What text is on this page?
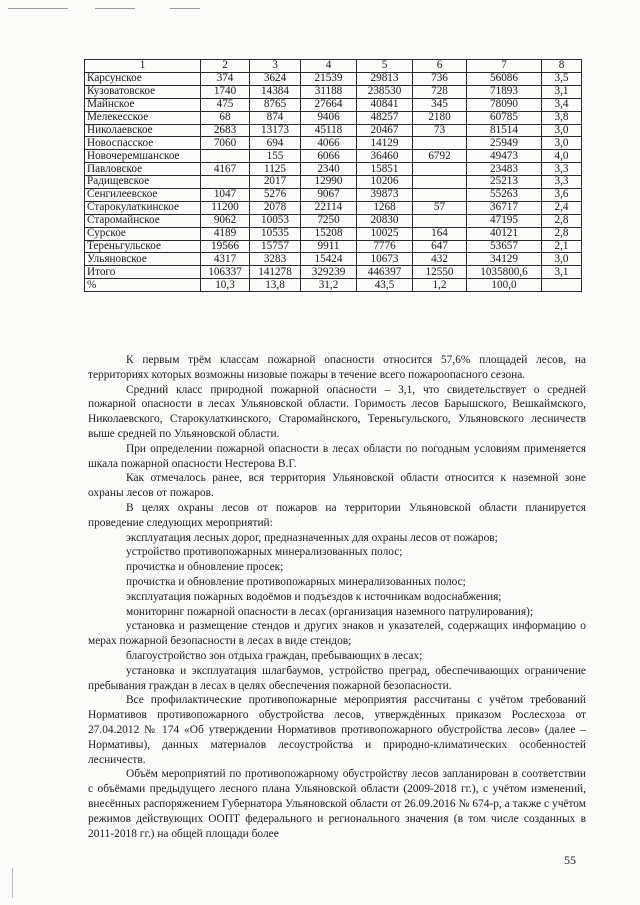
1	2	3	4	5	6	7	8
Карсунское	374	3624	21539	29813	736	56086	3,5
Кузоватовское	1740	14384	31188	238530	728	71893	3,1
Майнское	475	8765	27664	40841	345	78090	3,4
Мелекесское	68	874	9406	48257	2180	60785	3,8
Николаевское	2683	13173	45118	20467	73	81514	3,0
Новоспасское	7060	694	4066	14129		25949	3,0
Новочеремшанское		155	6066	36460	6792	49473	4,0
Павловское	4167	1125	2340	15851		23483	3,3
Радищевское		2017	12990	10206		25213	3,3
Сенгилеевское	1047	5276	9067	39873		55263	3,6
Старокулаткинское	11200	2078	22114	1268	57	36717	2,4
Старомайнское	9062	10053	7250	20830		47195	2,8
Сурское	4189	10535	15208	10025	164	40121	2,8
Тереньгульское	19566	15757	9911	7776	647	53657	2,1
Ульяновское	4317	3283	15424	10673	432	34129	3,0
Итого	106337	141278	329239	446397	12550	1035800,6	3,1
%	10,3	13,8	31,2	43,5	1,2	100,0	

К первым трём классам пожарной опасности относится 57,6% площадей лесов, на территориях которых возможны низовые пожары в течение всего пожароопасного сезона.

Средний класс природной пожарной опасности – 3,1, что свидетельствует о средней пожарной опасности в лесах Ульяновской области. Горимость лесов Барышского, Вешкаймского, Николаевского, Старокулаткинского, Старомайнского, Тереньгульского, Ульяновского лесничеств выше средней по Ульяновской области.

При определении пожарной опасности в лесах области по погодным условиям применяется шкала пожарной опасности Нестерова В.Г.

Как отмечалось ранее, вся территория Ульяновской области относится к наземной зоне охраны лесов от пожаров.

В целях охраны лесов от пожаров на территории Ульяновской области планируется проведение следующих мероприятий:

эксплуатация лесных дорог, предназначенных для охраны лесов от пожаров;

устройство противопожарных минерализованных полос;

прочистка и обновление просек;

прочистка и обновление противопожарных минерализованных полос;

эксплуатация пожарных водоёмов и подъездов к источникам водоснабжения;

мониторинг пожарной опасности в лесах (организация наземного патрулирования);

установка и размещение стендов и других знаков и указателей, содержащих информацию о мерах пожарной безопасности в лесах в виде стендов;

благоустройство зон отдыха граждан, пребывающих в лесах;

установка и эксплуатация шлагбаумов, устройство преград, обеспечивающих ограничение пребывания граждан в лесах в целях обеспечения пожарной безопасности.

Все профилактические противопожарные мероприятия рассчитаны с учётом требований Нормативов противопожарного обустройства лесов, утверждённых приказом Рослесхоза от 27.04.2012 № 174 «Об утверждении Нормативов противопожарного обустройства лесов» (далее – Нормативы), данных материалов лесоустройства и природно-климатических особенностей лесничеств.

Объём мероприятий по противопожарному обустройству лесов запланирован в соответствии с объёмами предыдущего лесного плана Ульяновской области (2009-2018 гг.), с учётом изменений, внесённых распоряжением Губернатора Ульяновской области от 26.09.2016 № 674-р, а также с учётом режимов действующих ООПТ федерального и регионального значения (в том числе созданных в 2011-2018 гг.) на общей площади более

55
